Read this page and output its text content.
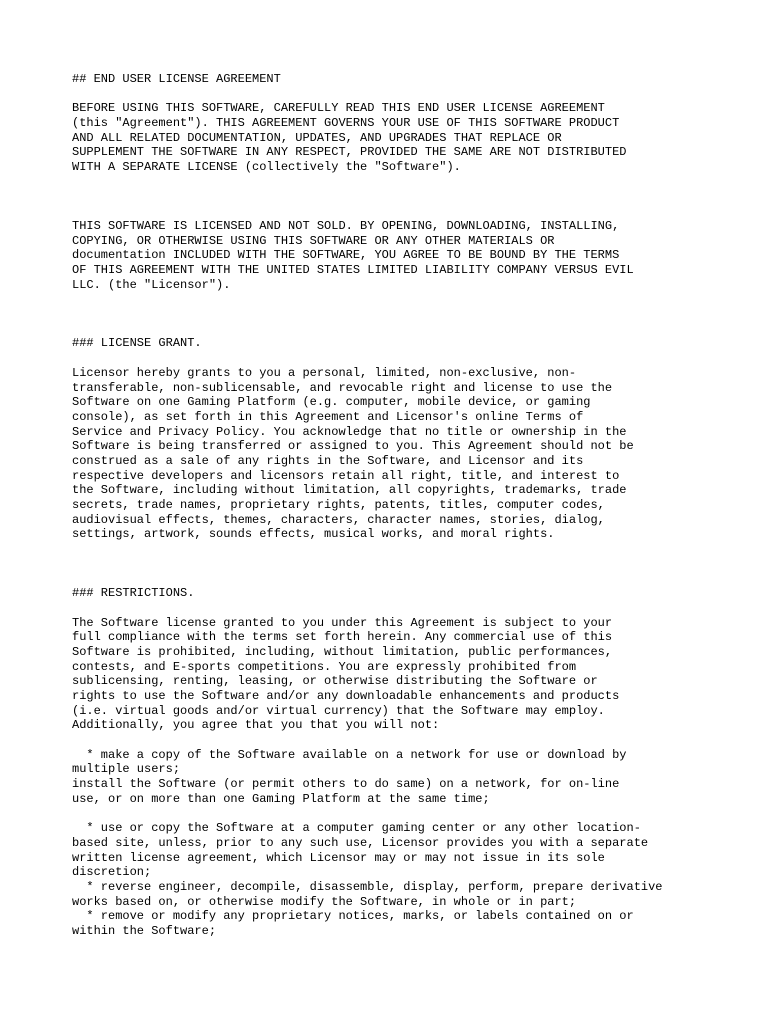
## END USER LICENSE AGREEMENT
BEFORE USING THIS SOFTWARE, CAREFULLY READ THIS END USER LICENSE AGREEMENT
(this "Agreement"). THIS AGREEMENT GOVERNS YOUR USE OF THIS SOFTWARE PRODUCT
AND ALL RELATED DOCUMENTATION, UPDATES, AND UPGRADES THAT REPLACE OR
SUPPLEMENT THE SOFTWARE IN ANY RESPECT, PROVIDED THE SAME ARE NOT DISTRIBUTED
WITH A SEPARATE LICENSE (collectively the "Software").
THIS SOFTWARE IS LICENSED AND NOT SOLD. BY OPENING, DOWNLOADING, INSTALLING,
COPYING, OR OTHERWISE USING THIS SOFTWARE OR ANY OTHER MATERIALS OR
documentation INCLUDED WITH THE SOFTWARE, YOU AGREE TO BE BOUND BY THE TERMS
OF THIS AGREEMENT WITH THE UNITED STATES LIMITED LIABILITY COMPANY VERSUS EVIL
LLC. (the "Licensor").
### LICENSE GRANT.
Licensor hereby grants to you a personal, limited, non-exclusive, non-
transferable, non-sublicensable, and revocable right and license to use the
Software on one Gaming Platform (e.g. computer, mobile device, or gaming
console), as set forth in this Agreement and Licensor's online Terms of
Service and Privacy Policy. You acknowledge that no title or ownership in the
Software is being transferred or assigned to you. This Agreement should not be
construed as a sale of any rights in the Software, and Licensor and its
respective developers and licensors retain all right, title, and interest to
the Software, including without limitation, all copyrights, trademarks, trade
secrets, trade names, proprietary rights, patents, titles, computer codes,
audiovisual effects, themes, characters, character names, stories, dialog,
settings, artwork, sounds effects, musical works, and moral rights.
### RESTRICTIONS.
The Software license granted to you under this Agreement is subject to your
full compliance with the terms set forth herein. Any commercial use of this
Software is prohibited, including, without limitation, public performances,
contests, and E-sports competitions. You are expressly prohibited from
sublicensing, renting, leasing, or otherwise distributing the Software or
rights to use the Software and/or any downloadable enhancements and products
(i.e. virtual goods and/or virtual currency) that the Software may employ.
Additionally, you agree that you that you will not:
* make a copy of the Software available on a network for use or download by
multiple users;
install the Software (or permit others to do same) on a network, for on-line
use, or on more than one Gaming Platform at the same time;
* use or copy the Software at a computer gaming center or any other location-
based site, unless, prior to any such use, Licensor provides you with a separate
written license agreement, which Licensor may or may not issue in its sole
discretion;
* reverse engineer, decompile, disassemble, display, perform, prepare derivative
works based on, or otherwise modify the Software, in whole or in part;
* remove or modify any proprietary notices, marks, or labels contained on or
within the Software;
